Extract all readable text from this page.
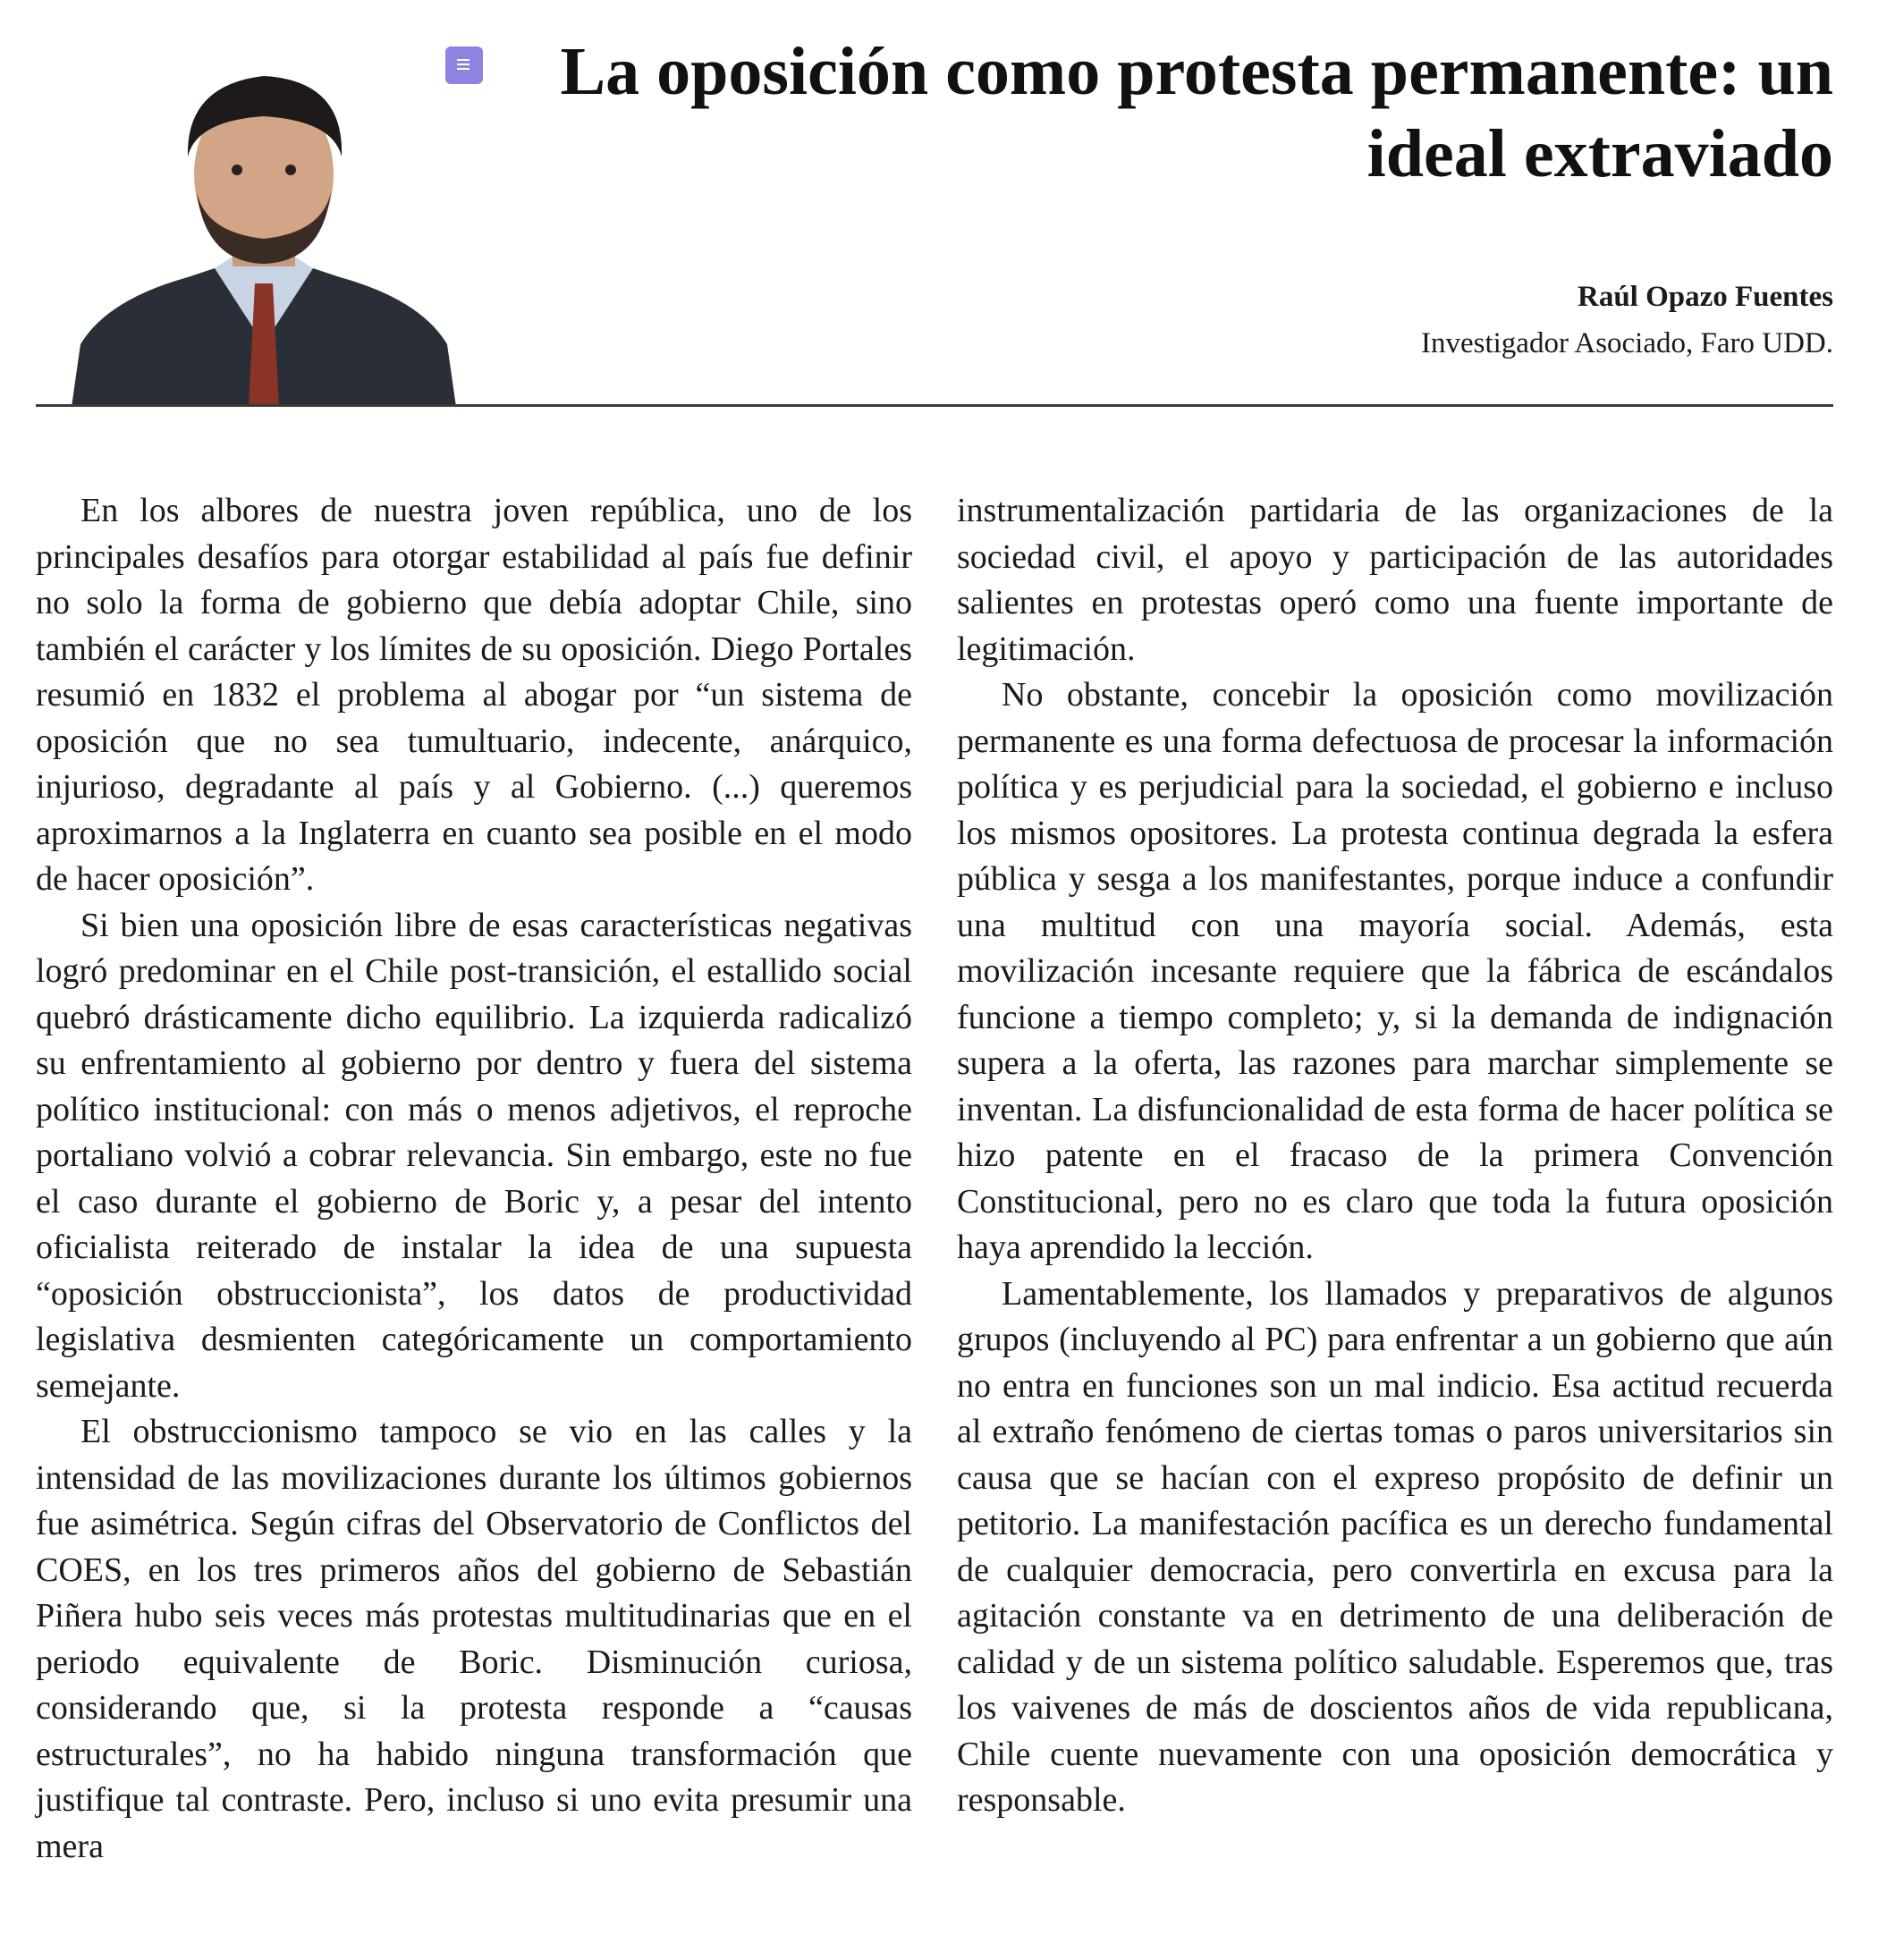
La oposición como protesta permanente: un ideal extraviado
Raúl Opazo Fuentes
Investigador Asociado, Faro UDD.

En los albores de nuestra joven república, uno de los principales desafíos para otorgar estabilidad al país fue definir no solo la forma de gobierno que debía adoptar Chile, sino también el carácter y los límites de su oposición. Diego Portales resumió en 1832 el problema al abogar por “un sistema de oposición que no sea tumultuario, indecente, anárquico, injurioso, degradante al país y al Gobierno. (...) queremos aproximarnos a la Inglaterra en cuanto sea posible en el modo de hacer oposición”.

Si bien una oposición libre de esas características negativas logró predominar en el Chile post-transición, el estallido social quebró drásticamente dicho equilibrio. La izquierda radicalizó su enfrentamiento al gobierno por dentro y fuera del sistema político institucional: con más o menos adjetivos, el reproche portaliano volvió a cobrar relevancia. Sin embargo, este no fue el caso durante el gobierno de Boric y, a pesar del intento oficialista reiterado de instalar la idea de una supuesta “oposición obstruccionista”, los datos de productividad legislativa desmienten categóricamente un comportamiento semejante.

El obstruccionismo tampoco se vio en las calles y la intensidad de las movilizaciones durante los últimos gobiernos fue asimétrica. Según cifras del Observatorio de Conflictos del COES, en los tres primeros años del gobierno de Sebastián Piñera hubo seis veces más protestas multitudinarias que en el periodo equivalente de Boric. Disminución curiosa, considerando que, si la protesta responde a “causas estructurales”, no ha habido ninguna transformación que justifique tal contraste. Pero, incluso si uno evita presumir una mera

instrumentalización partidaria de las organizaciones de la sociedad civil, el apoyo y participación de las autoridades salientes en protestas operó como una fuente importante de legitimación.

No obstante, concebir la oposición como movilización permanente es una forma defectuosa de procesar la información política y es perjudicial para la sociedad, el gobierno e incluso los mismos opositores. La protesta continua degrada la esfera pública y sesga a los manifestantes, porque induce a confundir una multitud con una mayoría social. Además, esta movilización incesante requiere que la fábrica de escándalos funcione a tiempo completo; y, si la demanda de indignación supera a la oferta, las razones para marchar simplemente se inventan. La disfuncionalidad de esta forma de hacer política se hizo patente en el fracaso de la primera Convención Constitucional, pero no es claro que toda la futura oposición haya aprendido la lección.

Lamentablemente, los llamados y preparativos de algunos grupos (incluyendo al PC) para enfrentar a un gobierno que aún no entra en funciones son un mal indicio. Esa actitud recuerda al extraño fenómeno de ciertas tomas o paros universitarios sin causa que se hacían con el expreso propósito de definir un petitorio. La manifestación pacífica es un derecho fundamental de cualquier democracia, pero convertirla en excusa para la agitación constante va en detrimento de una deliberación de calidad y de un sistema político saludable. Esperemos que, tras los vaivenes de más de doscientos años de vida republicana, Chile cuente nuevamente con una oposición democrática y responsable.
